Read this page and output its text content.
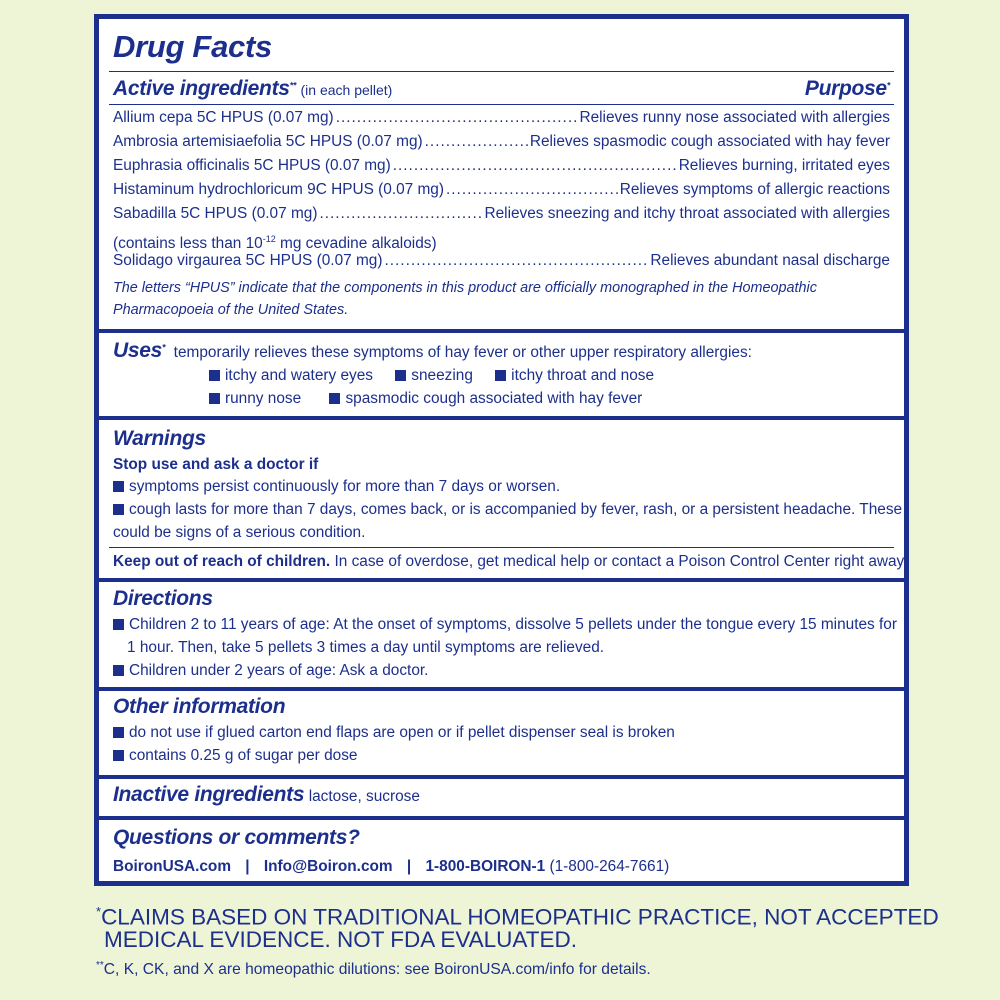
Drug Facts
Active ingredients** (in each pellet)	Purpose*
Allium cepa 5C HPUS (0.07 mg) .....	Relieves runny nose associated with allergies
Ambrosia artemisiaefolia 5C HPUS (0.07 mg) .....	Relieves spasmodic cough associated with hay fever
Euphrasia officinalis 5C HPUS (0.07 mg) .....	Relieves burning, irritated eyes
Histaminum hydrochloricum 9C HPUS (0.07 mg) .....	Relieves symptoms of allergic reactions
Sabadilla 5C HPUS (0.07 mg) .....	Relieves sneezing and itchy throat associated with allergies
(contains less than $10^{-12}$ mg cevadine alkaloids)
Solidago virgaurea 5C HPUS (0.07 mg) .....	Relieves abundant nasal discharge
The letters “HPUS” indicate that the components in this product are officially monographed in the Homeopathic
Pharmacopoeia of the United States.
Uses* temporarily relieves these symptoms of hay fever or other upper respiratory allergies:
itchy and watery eyes sneezing itchy throat and nose
runny nose	spasmodic cough associated with hay fever
Warnings
Stop use and ask a doctor if
symptoms persist continuously for more than 7 days or worsen.
cough lasts for more than 7 days, comes back, or is accompanied by fever, rash, or a persistent headache. These
could be signs of a serious condition.
Keep out of reach of children. In case of overdose, get medical help or contact a Poison Control Center right away.
Directions
Children 2 to 11 years of age: At the onset of symptoms, dissolve 5 pellets under the tongue every 15 minutes for
1 hour. Then, take 5 pellets 3 times a day until symptoms are relieved.
Children under 2 years of age: Ask a doctor.
Other information
do not use if glued carton end flaps are open or if pellet dispenser seal is broken
contains 0.25 g of sugar per dose
Inactive ingredients lactose, sucrose
Questions or comments?
BoironUSA.com | Info@Boiron.com | 1-800-BOIRON-1 (1-800-264-7661)
*CLAIMS BASED ON TRADITIONAL HOMEOPATHIC PRACTICE, NOT ACCEPTED
MEDICAL EVIDENCE. NOT FDA EVALUATED.
**C, K, CK, and X are homeopathic dilutions: see BoironUSA.com/info for details.
